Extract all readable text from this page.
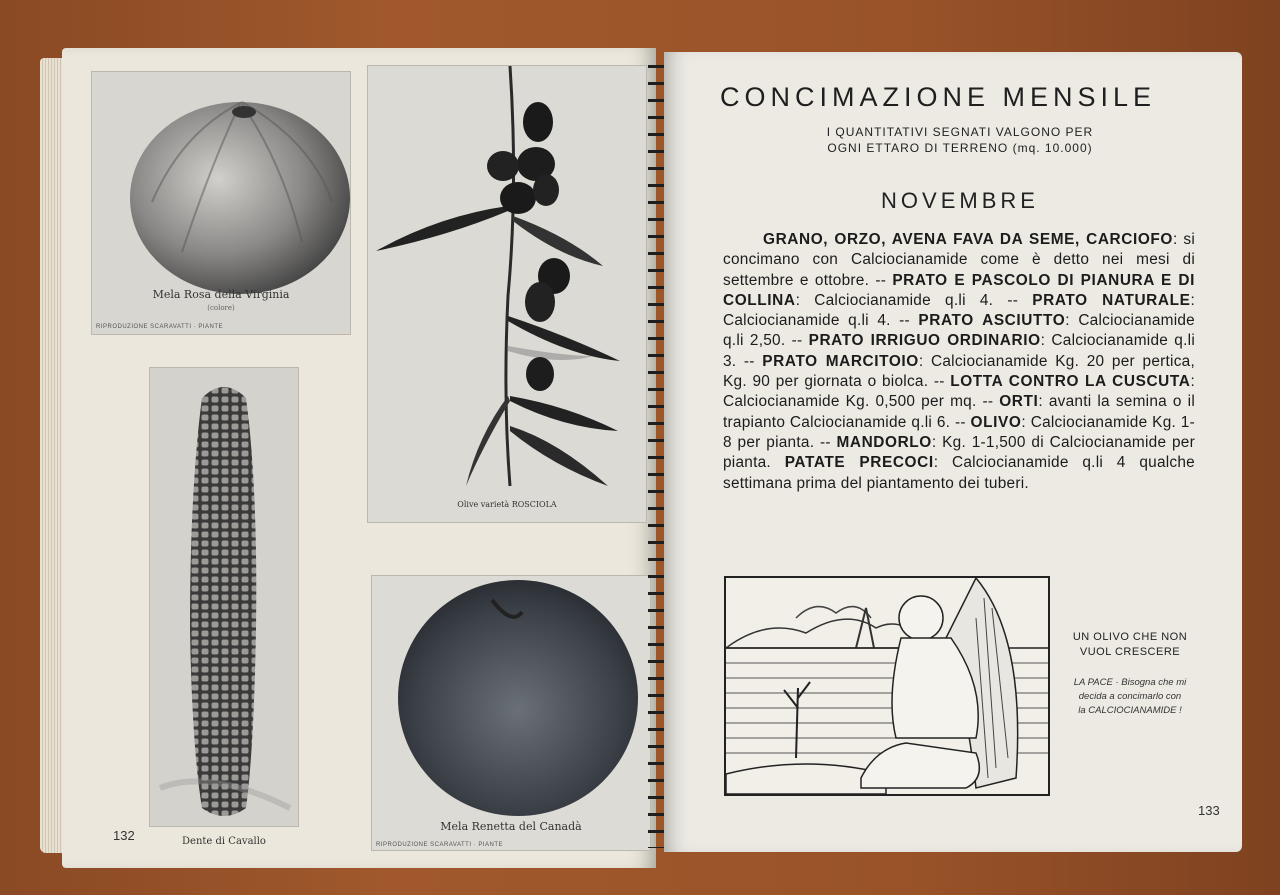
Mela Rosa della Virginia
(colore)
RIPRODUZIONE SCARAVATTI · PIANTE
Olive varietà ROSCIOLA
Dente di Cavallo
Mela Renetta del Canadà
RIPRODUZIONE SCARAVATTI · PIANTE
132
CONCIMAZIONE MENSILE
I QUANTITATIVI SEGNATI VALGONO PER
OGNI ETTARO DI TERRENO (mq. 10.000)
NOVEMBRE
GRANO, ORZO, AVENA FAVA DA SEME, CARCIOFO: si concimano con Calciocianamide come è detto nei mesi di settembre e ottobre. -- PRATO E PASCOLO DI PIANURA E DI COLLINA: Calciocianamide q.li 4. -- PRATO NATURALE: Calciocianamide q.li 4. -- PRATO ASCIUTTO: Calciocianamide q.li 2,50. -- PRATO IRRIGUO ORDINARIO: Calciocianamide q.li 3. -- PRATO MARCITOIO: Calciocianamide Kg. 20 per pertica, Kg. 90 per giornata o biolca. -- LOTTA CONTRO LA CUSCUTA: Calciocianamide Kg. 0,500 per mq. -- ORTI: avanti la semina o il trapianto Calciocianamide q.li 6. -- OLIVO: Calciocianamide Kg. 1-8 per pianta. -- MANDORLO: Kg. 1-1,500 di Calciocianamide per pianta. PATATE PRECOCI: Calciocianamide q.li 4 qualche settimana prima del piantamento dei tuberi.
UN OLIVO CHE NON
VUOL CRESCERE
LA PACE · Bisogna che mi
decida a concimarlo con
la CALCIOCIANAMIDE !
133
